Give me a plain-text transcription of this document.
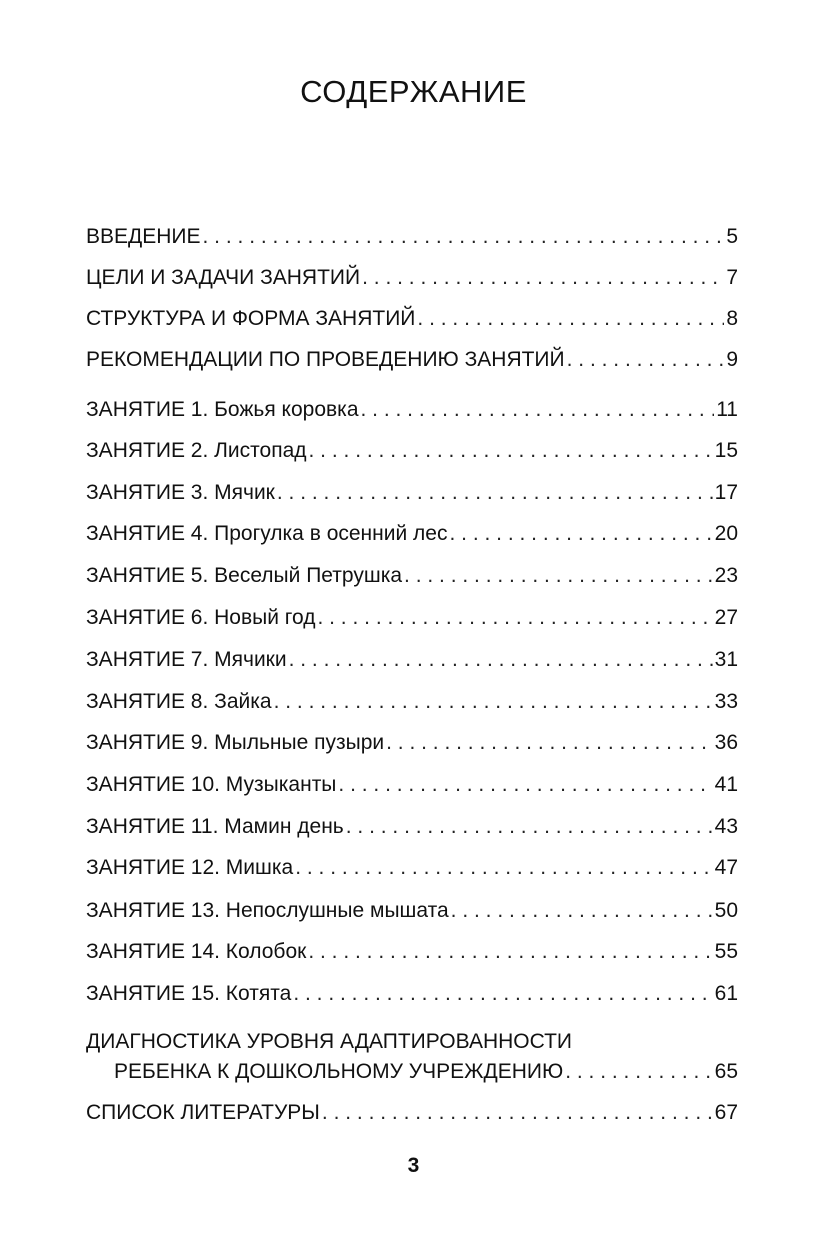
СОДЕРЖАНИЕ
ВВЕДЕНИЕ . . .	5
ЦЕЛИ И ЗАДАЧИ ЗАНЯТИЙ . . .	7
СТРУКТУРА И ФОРМА ЗАНЯТИЙ . . .	8
РЕКОМЕНДАЦИИ ПО ПРОВЕДЕНИЮ ЗАНЯТИЙ . . .	9
ЗАНЯТИЕ 1. Божья коровка . . .	11
ЗАНЯТИЕ 2. Листопад . . .	15
ЗАНЯТИЕ 3. Мячик . . .	17
ЗАНЯТИЕ 4. Прогулка в осенний лес . . .	20
ЗАНЯТИЕ 5. Веселый Петрушка . . .	23
ЗАНЯТИЕ 6. Новый год . . .	27
ЗАНЯТИЕ 7. Мячики . . .	31
ЗАНЯТИЕ 8. Зайка . . .	33
ЗАНЯТИЕ 9. Мыльные пузыри . . .	36
ЗАНЯТИЕ 10. Музыканты . . .	41
ЗАНЯТИЕ 11. Мамин день . . .	43
ЗАНЯТИЕ 12. Мишка . . .	47
ЗАНЯТИЕ 13. Непослушные мышата . . .	50
ЗАНЯТИЕ 14. Колобок . . .	55
ЗАНЯТИЕ 15. Котята . . .	61
ДИАГНОСТИКА УРОВНЯ АДАПТИРОВАННОСТИ
РЕБЕНКА К ДОШКОЛЬНОМУ УЧРЕЖДЕНИЮ . . .	65
СПИСОК ЛИТЕРАТУРЫ . . .	67
3
